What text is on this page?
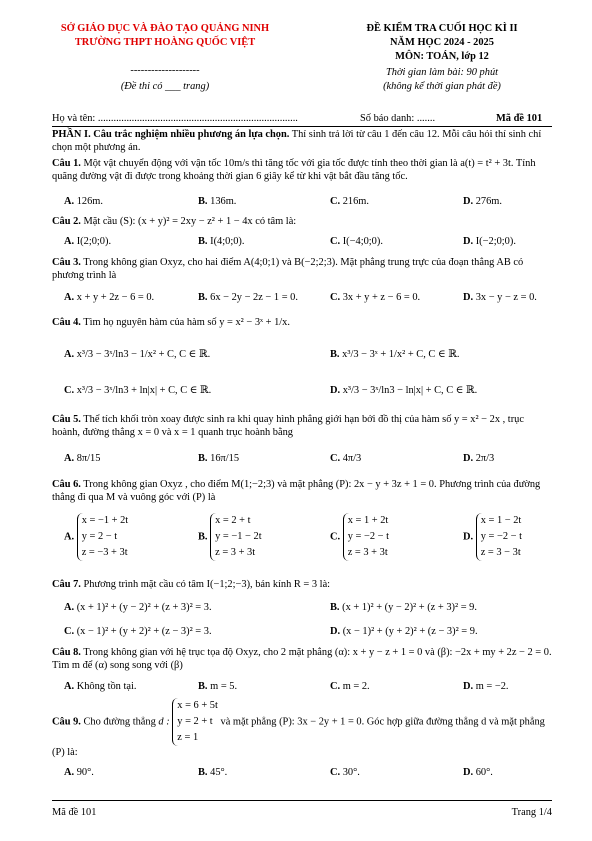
SỞ GIÁO DỤC VÀ ĐÀO TẠO QUẢNG NINH
TRƯỜNG THPT HOÀNG QUỐC VIỆT
--------------------
(Đề thi có ___ trang)
ĐỀ KIỂM TRA CUỐI HỌC KÌ II
NĂM HỌC 2024 - 2025
MÔN: TOÁN, lớp 12
Thời gian làm bài: 90 phút
(không kể thời gian phát đề)
Họ và tên: .............................................................................	Số báo danh: .......	Mã đề 101
PHẦN I. Câu trắc nghiệm nhiều phương án lựa chọn. Thí sinh trả lời từ câu 1 đến câu 12. Mỗi câu hỏi thí sinh chỉ chọn một phương án.
Câu 1. Một vật chuyển động với vận tốc 10m/s thì tăng tốc với gia tốc được tính theo thời gian là a(t) = t² + 3t. Tính quãng đường vật đi được trong khoảng thời gian 6 giây kể từ khi vật bắt đầu tăng tốc.
A. 126m.	B. 136m.	C. 216m.	D. 276m.
Câu 2. Mặt cầu (S): (x + y)² = 2xy − z² + 1 − 4x có tâm là:
A. I(2;0;0).	B. I(4;0;0).	C. I(−4;0;0).	D. I(−2;0;0).
Câu 3. Trong không gian Oxyz, cho hai điểm A(4;0;1) và B(−2;2;3). Mặt phẳng trung trực của đoạn thẳng AB có phương trình là
A. x + y + 2z − 6 = 0.	B. 6x − 2y − 2z − 1 = 0.	C. 3x + y + z − 6 = 0.	D. 3x − y − z = 0.
Câu 4. Tìm họ nguyên hàm của hàm số y = x² − 3ˣ + 1/x.
A. x³/3 − 3ˣ/ln3 − 1/x² + C, C ∈ ℝ.	B. x³/3 − 3ˣ + 1/x² + C, C ∈ ℝ.
C. x³/3 − 3ˣ/ln3 + ln|x| + C, C ∈ ℝ.	D. x³/3 − 3ˣ/ln3 − ln|x| + C, C ∈ ℝ.
Câu 5. Thể tích khối tròn xoay được sinh ra khi quay hình phẳng giới hạn bởi đồ thị của hàm số y = x² − 2x , trục hoành, đường thẳng x = 0 và x = 1 quanh trục hoành bằng
A. 8π/15	B. 16π/15	C. 4π/3	D. 2π/3
Câu 6. Trong không gian Oxyz , cho điểm M(1;−2;3) và mặt phẳng (P): 2x − y + 3z + 1 = 0. Phương trình của đường thẳng đi qua M và vuông góc với (P) là
A.
x = −1 + 2t
y = 2 − t
z = −3 + 3t
B.
x = 2 + t
y = −1 − 2t
z = 3 + 3t
C.
x = 1 + 2t
y = −2 − t
z = 3 + 3t
D.
x = 1 − 2t
y = −2 − t
z = 3 − 3t
Câu 7. Phương trình mặt cầu có tâm I(−1;2;−3), bán kính R = 3 là:
A. (x + 1)² + (y − 2)² + (z + 3)² = 3.	B. (x + 1)² + (y − 2)² + (z + 3)² = 9.
C. (x − 1)² + (y + 2)² + (z − 3)² = 3.	D. (x − 1)² + (y + 2)² + (z − 3)² = 9.
Câu 8. Trong không gian với hệ trục tọa độ Oxyz, cho 2 mặt phẳng (α): x + y − z + 1 = 0 và (β): −2x + my + 2z − 2 = 0. Tìm m để (α) song song với (β)
A. Không tồn tại.	B. m = 5.	C. m = 2.	D. m = −2.
Câu 9. Cho đường thẳng d :
x = 6 + 5t
y = 2 + t
z = 1
và mặt phẳng (P): 3x − 2y + 1 = 0. Góc hợp giữa đường thẳng d và mặt phẳng (P) là:
A. 90°.	B. 45°.	C. 30°.	D. 60°.
Mã đề 101	Trang 1/4
